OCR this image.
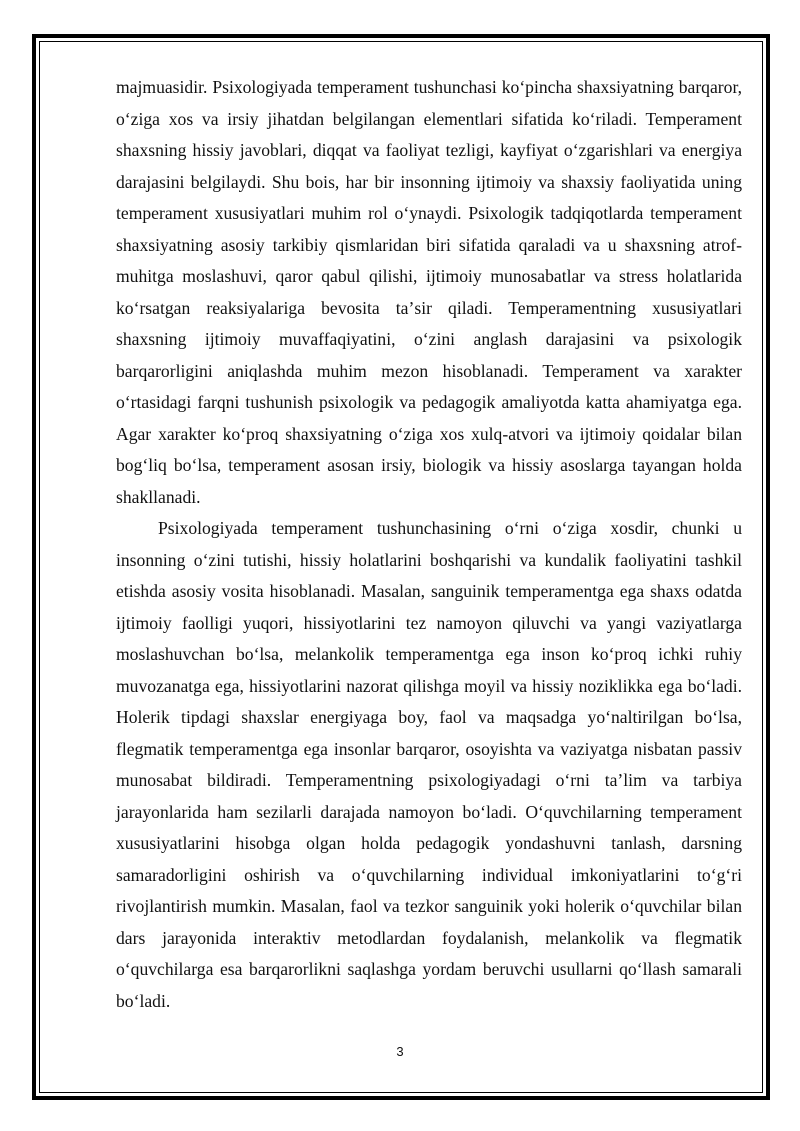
majmuasidir. Psixologiyada temperament tushunchasi koʻpincha shaxsiyatning barqaror, oʻziga xos va irsiy jihatdan belgilangan elementlari sifatida koʻriladi. Temperament shaxsning hissiy javoblari, diqqat va faoliyat tezligi, kayfiyat oʻzgarishlari va energiya darajasini belgilaydi. Shu bois, har bir insonning ijtimoiy va shaxsiy faoliyatida uning temperament xususiyatlari muhim rol oʻynaydi. Psixologik tadqiqotlarda temperament shaxsiyatning asosiy tarkibiy qismlaridan biri sifatida qaraladi va u shaxsning atrof-muhitga moslashuvi, qaror qabul qilishi, ijtimoiy munosabatlar va stress holatlarida koʻrsatgan reaksiyalariga bevosita taʼsir qiladi. Temperamentning xususiyatlari shaxsning ijtimoiy muvaffaqiyatini, oʻzini anglash darajasini va psixologik barqarorligini aniqlashda muhim mezon hisoblanadi. Temperament va xarakter oʻrtasidagi farqni tushunish psixologik va pedagogik amaliyotda katta ahamiyatga ega. Agar xarakter koʻproq shaxsiyatning oʻziga xos xulq-atvori va ijtimoiy qoidalar bilan bogʻliq boʻlsa, temperament asosan irsiy, biologik va hissiy asoslarga tayangan holda shakllanadi.

Psixologiyada temperament tushunchasining oʻrni oʻziga xosdir, chunki u insonning oʻzini tutishi, hissiy holatlarini boshqarishi va kundalik faoliyatini tashkil etishda asosiy vosita hisoblanadi. Masalan, sanguinik temperamentga ega shaxs odatda ijtimoiy faolligi yuqori, hissiyotlarini tez namoyon qiluvchi va yangi vaziyatlarga moslashuvchan boʻlsa, melankolik temperamentga ega inson koʻproq ichki ruhiy muvozanatga ega, hissiyotlarini nazorat qilishga moyil va hissiy noziklikka ega boʻladi. Holerik tipdagi shaxslar energiyaga boy, faol va maqsadga yoʻnaltirilgan boʻlsa, flegmatik temperamentga ega insonlar barqaror, osoyishta va vaziyatga nisbatan passiv munosabat bildiradi. Temperamentning psixologiyadagi oʻrni taʼlim va tarbiya jarayonlarida ham sezilarli darajada namoyon boʻladi. Oʻquvchilarning temperament xususiyatlarini hisobga olgan holda pedagogik yondashuvni tanlash, darsning samaradorligini oshirish va oʻquvchilarning individual imkoniyatlarini toʻgʻri rivojlantirish mumkin. Masalan, faol va tezkor sanguinik yoki holerik oʻquvchilar bilan dars jarayonida interaktiv metodlardan foydalanish, melankolik va flegmatik oʻquvchilarga esa barqarorlikni saqlashga yordam beruvchi usullarni qoʻllash samarali boʻladi.

3
